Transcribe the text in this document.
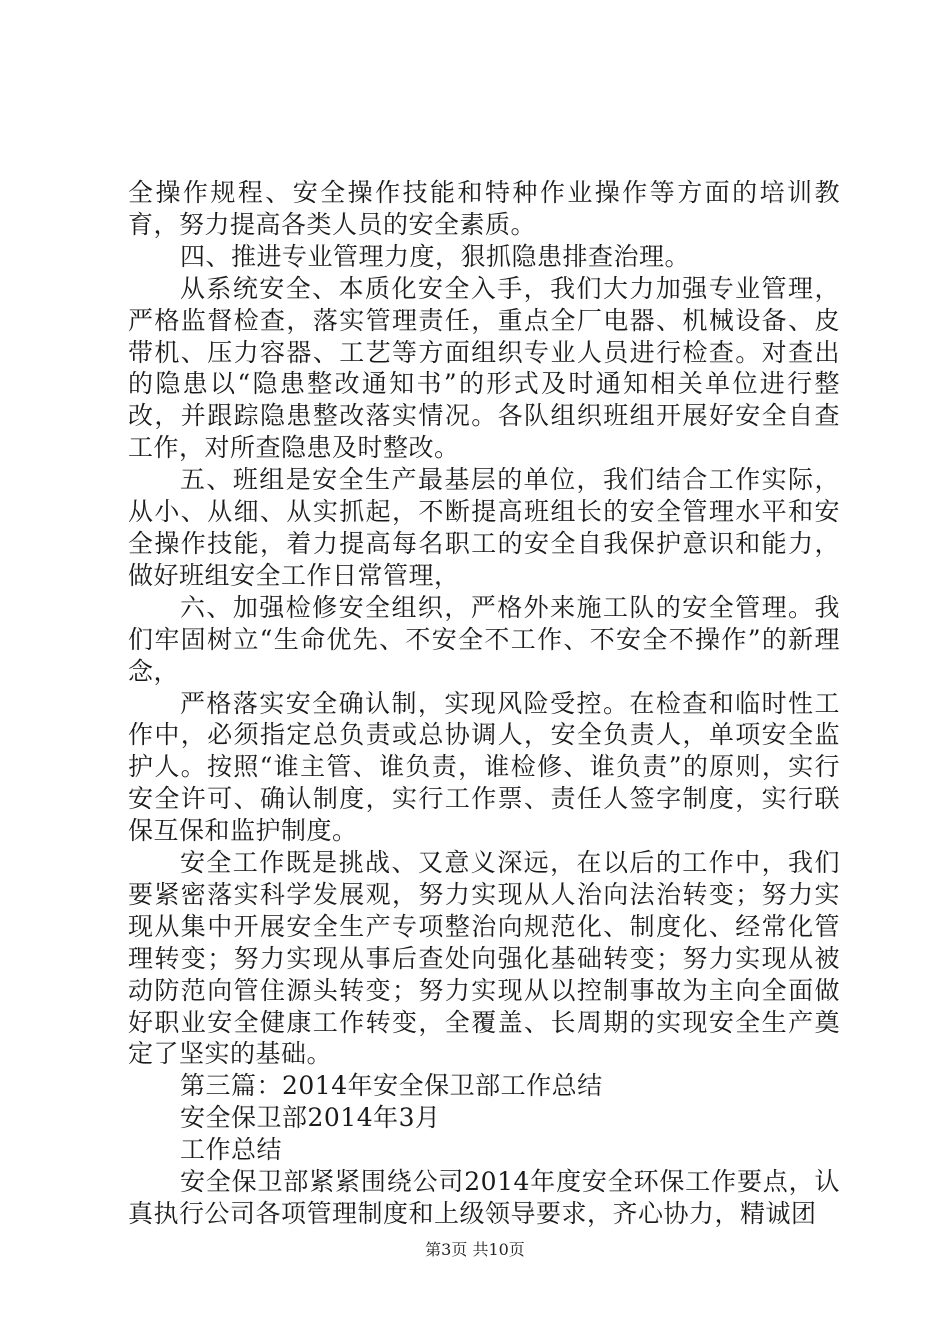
全操作规程、安全操作技能和特种作业操作等方面的培训教育，努力提高各类人员的安全素质。

四、推进专业管理力度，狠抓隐患排查治理。

从系统安全、本质化安全入手，我们大力加强专业管理，严格监督检查，落实管理责任，重点全厂电器、机械设备、皮带机、压力容器、工艺等方面组织专业人员进行检查。对查出的隐患以“隐患整改通知书”的形式及时通知相关单位进行整改，并跟踪隐患整改落实情况。各队组织班组开展好安全自查工作，对所查隐患及时整改。

五、班组是安全生产最基层的单位，我们结合工作实际，从小、从细、从实抓起，不断提高班组长的安全管理水平和安全操作技能，着力提高每名职工的安全自我保护意识和能力，做好班组安全工作日常管理，

六、加强检修安全组织，严格外来施工队的安全管理。我们牢固树立“生命优先、不安全不工作、不安全不操作”的新理念，

严格落实安全确认制，实现风险受控。在检查和临时性工作中，必须指定总负责或总协调人，安全负责人，单项安全监护人。按照“谁主管、谁负责，谁检修、谁负责”的原则，实行安全许可、确认制度，实行工作票、责任人签字制度，实行联保互保和监护制度。

安全工作既是挑战、又意义深远，在以后的工作中，我们要紧密落实科学发展观，努力实现从人治向法治转变；努力实现从集中开展安全生产专项整治向规范化、制度化、经常化管理转变；努力实现从事后查处向强化基础转变；努力实现从被动防范向管住源头转变；努力实现从以控制事故为主向全面做好职业安全健康工作转变，全覆盖、长周期的实现安全生产奠定了坚实的基础。

第三篇：2014年安全保卫部工作总结

安全保卫部2014年3月

工作总结

安全保卫部紧紧围绕公司2014年度安全环保工作要点，认真执行公司各项管理制度和上级领导要求，齐心协力，精诚团

第3页 共10页
